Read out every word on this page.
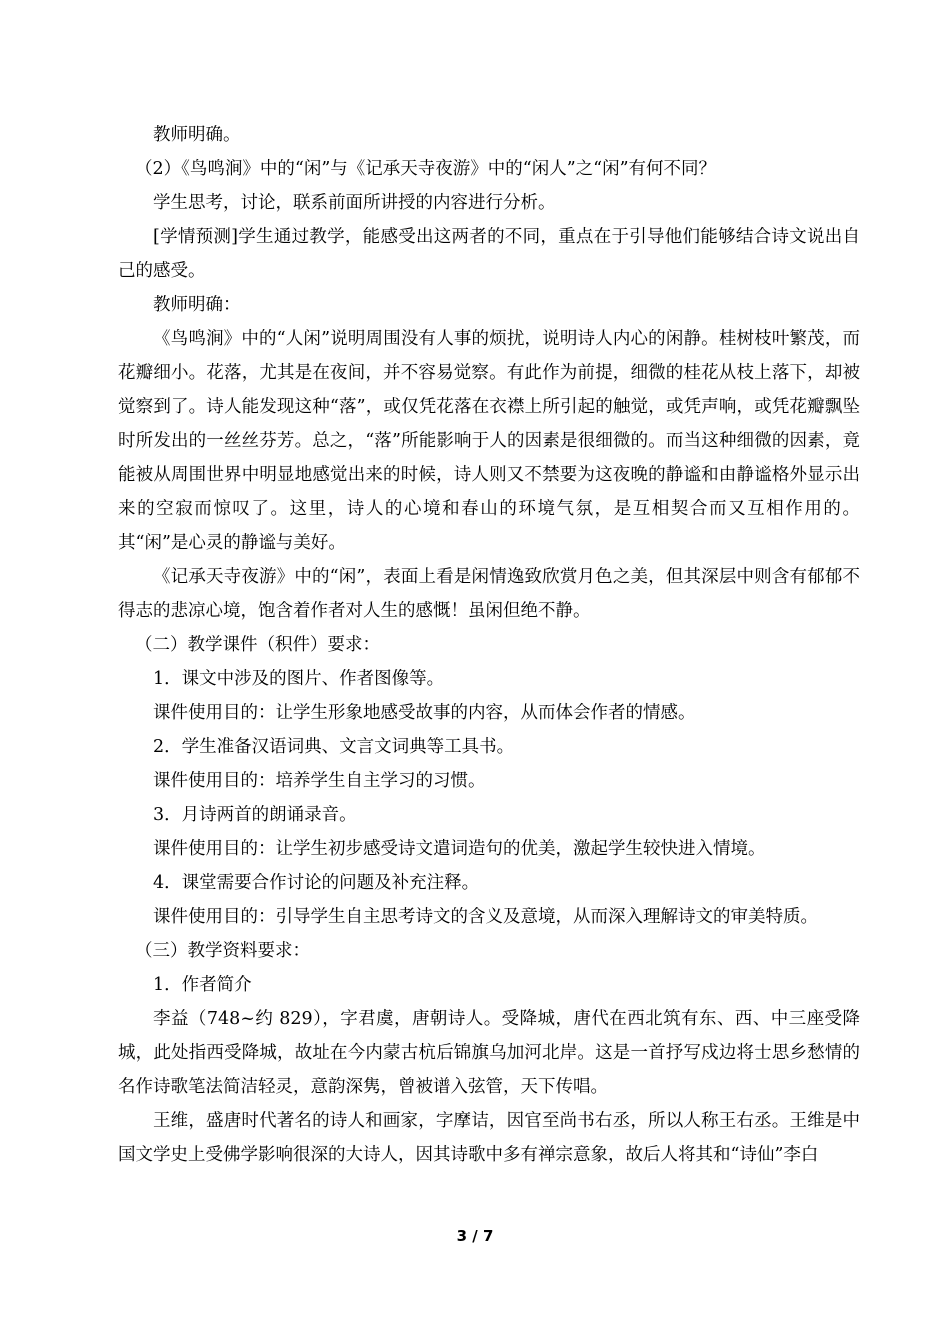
教师明确。

（2）《鸟鸣涧》中的“闲”与《记承天寺夜游》中的“闲人”之“闲”有何不同？

学生思考，讨论，联系前面所讲授的内容进行分析。

[学情预测]学生通过教学，能感受出这两者的不同，重点在于引导他们能够结合诗文说出自己的感受。

教师明确：

《鸟鸣涧》中的“人闲”说明周围没有人事的烦扰，说明诗人内心的闲静。桂树枝叶繁茂，而花瓣细小。花落，尤其是在夜间，并不容易觉察。有此作为前提，细微的桂花从枝上落下，却被觉察到了。诗人能发现这种“落”，或仅凭花落在衣襟上所引起的触觉，或凭声响，或凭花瓣飘坠时所发出的一丝丝芬芳。总之，“落”所能影响于人的因素是很细微的。而当这种细微的因素，竟能被从周围世界中明显地感觉出来的时候，诗人则又不禁要为这夜晚的静谧和由静谧格外显示出来的空寂而惊叹了。这里，诗人的心境和春山的环境气氛，是互相契合而又互相作用的。其“闲”是心灵的静谧与美好。

《记承天寺夜游》中的“闲”，表面上看是闲情逸致欣赏月色之美，但其深层中则含有郁郁不得志的悲凉心境，饱含着作者对人生的感慨！虽闲但绝不静。

（二）教学课件（积件）要求：

1．课文中涉及的图片、作者图像等。

课件使用目的：让学生形象地感受故事的内容，从而体会作者的情感。

2．学生准备汉语词典、文言文词典等工具书。

课件使用目的：培养学生自主学习的习惯。

3．月诗两首的朗诵录音。

课件使用目的：让学生初步感受诗文遣词造句的优美，激起学生较快进入情境。

4．课堂需要合作讨论的问题及补充注释。

课件使用目的：引导学生自主思考诗文的含义及意境，从而深入理解诗文的审美特质。

（三）教学资料要求：

1．作者简介

李益（748~约 829），字君虞，唐朝诗人。受降城，唐代在西北筑有东、西、中三座受降城，此处指西受降城，故址在今内蒙古杭后锦旗乌加河北岸。这是一首抒写戍边将士思乡愁情的名作诗歌笔法简洁轻灵，意韵深隽，曾被谱入弦管，天下传唱。

王维，盛唐时代著名的诗人和画家，字摩诘，因官至尚书右丞，所以人称王右丞。王维是中国文学史上受佛学影响很深的大诗人，因其诗歌中多有禅宗意象，故后人将其和“诗仙”李白

3 / 7
